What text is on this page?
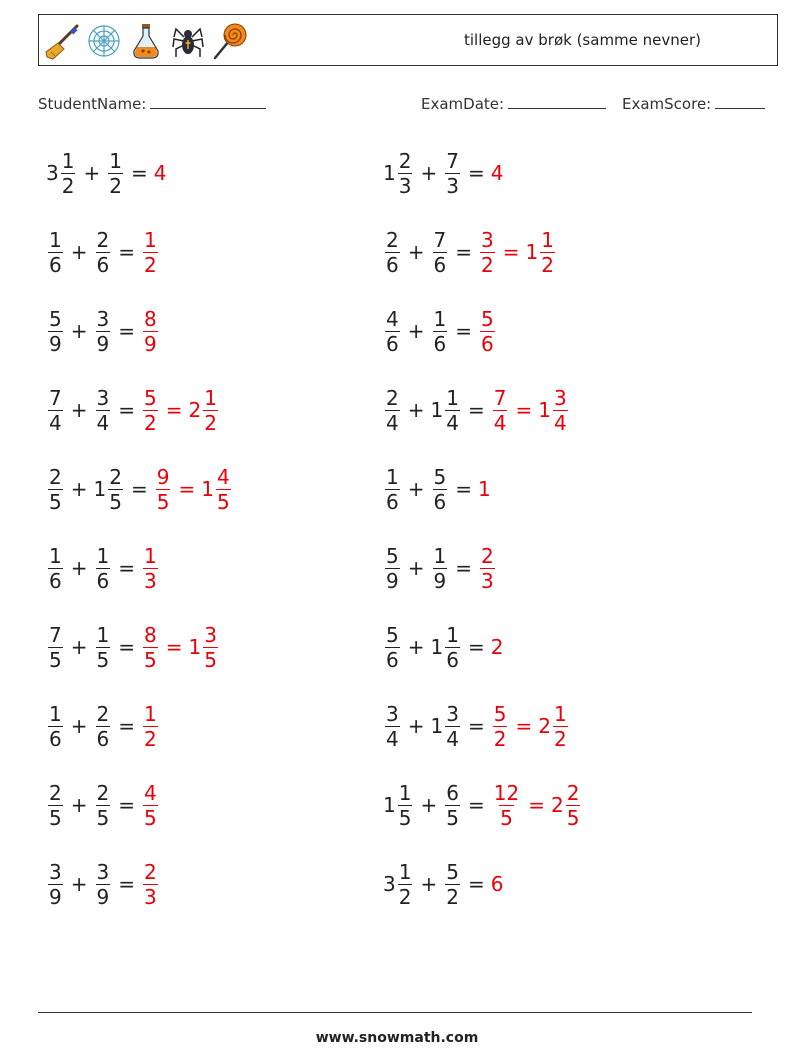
tillegg av brøk (samme nevner)
StudentName:	ExamDate:	ExamScore:
$3 \frac{1}{2} + \frac{1}{2} = 4$
$\frac{1}{6} + \frac{2}{6} = \frac{1}{2}$
$\frac{5}{9} + \frac{3}{9} = \frac{8}{9}$
$\frac{7}{4} + \frac{3}{4} = \frac{5}{2} = 2 \frac{1}{2}$
$\frac{2}{5} + 1 \frac{2}{5} = \frac{9}{5} = 1 \frac{4}{5}$
$\frac{1}{6} + \frac{1}{6} = \frac{1}{3}$
$\frac{7}{5} + \frac{1}{5} = \frac{8}{5} = 1 \frac{3}{5}$
$\frac{1}{6} + \frac{2}{6} = \frac{1}{2}$
$\frac{2}{5} + \frac{2}{5} = \frac{4}{5}$
$\frac{3}{9} + \frac{3}{9} = \frac{2}{3}$
$1 \frac{2}{3} + \frac{7}{3} = 4$
$\frac{2}{6} + \frac{7}{6} = \frac{3}{2} = 1 \frac{1}{2}$
$\frac{4}{6} + \frac{1}{6} = \frac{5}{6}$
$\frac{2}{4} + 1 \frac{1}{4} = \frac{7}{4} = 1 \frac{3}{4}$
$\frac{1}{6} + \frac{5}{6} = 1$
$\frac{5}{9} + \frac{1}{9} = \frac{2}{3}$
$\frac{5}{6} + 1 \frac{1}{6} = 2$
$\frac{3}{4} + 1 \frac{3}{4} = \frac{5}{2} = 2 \frac{1}{2}$
$1 \frac{1}{5} + \frac{6}{5} = \frac{12}{5} = 2 \frac{2}{5}$
$3 \frac{1}{2} + \frac{5}{2} = 6$
www.snowmath.com
